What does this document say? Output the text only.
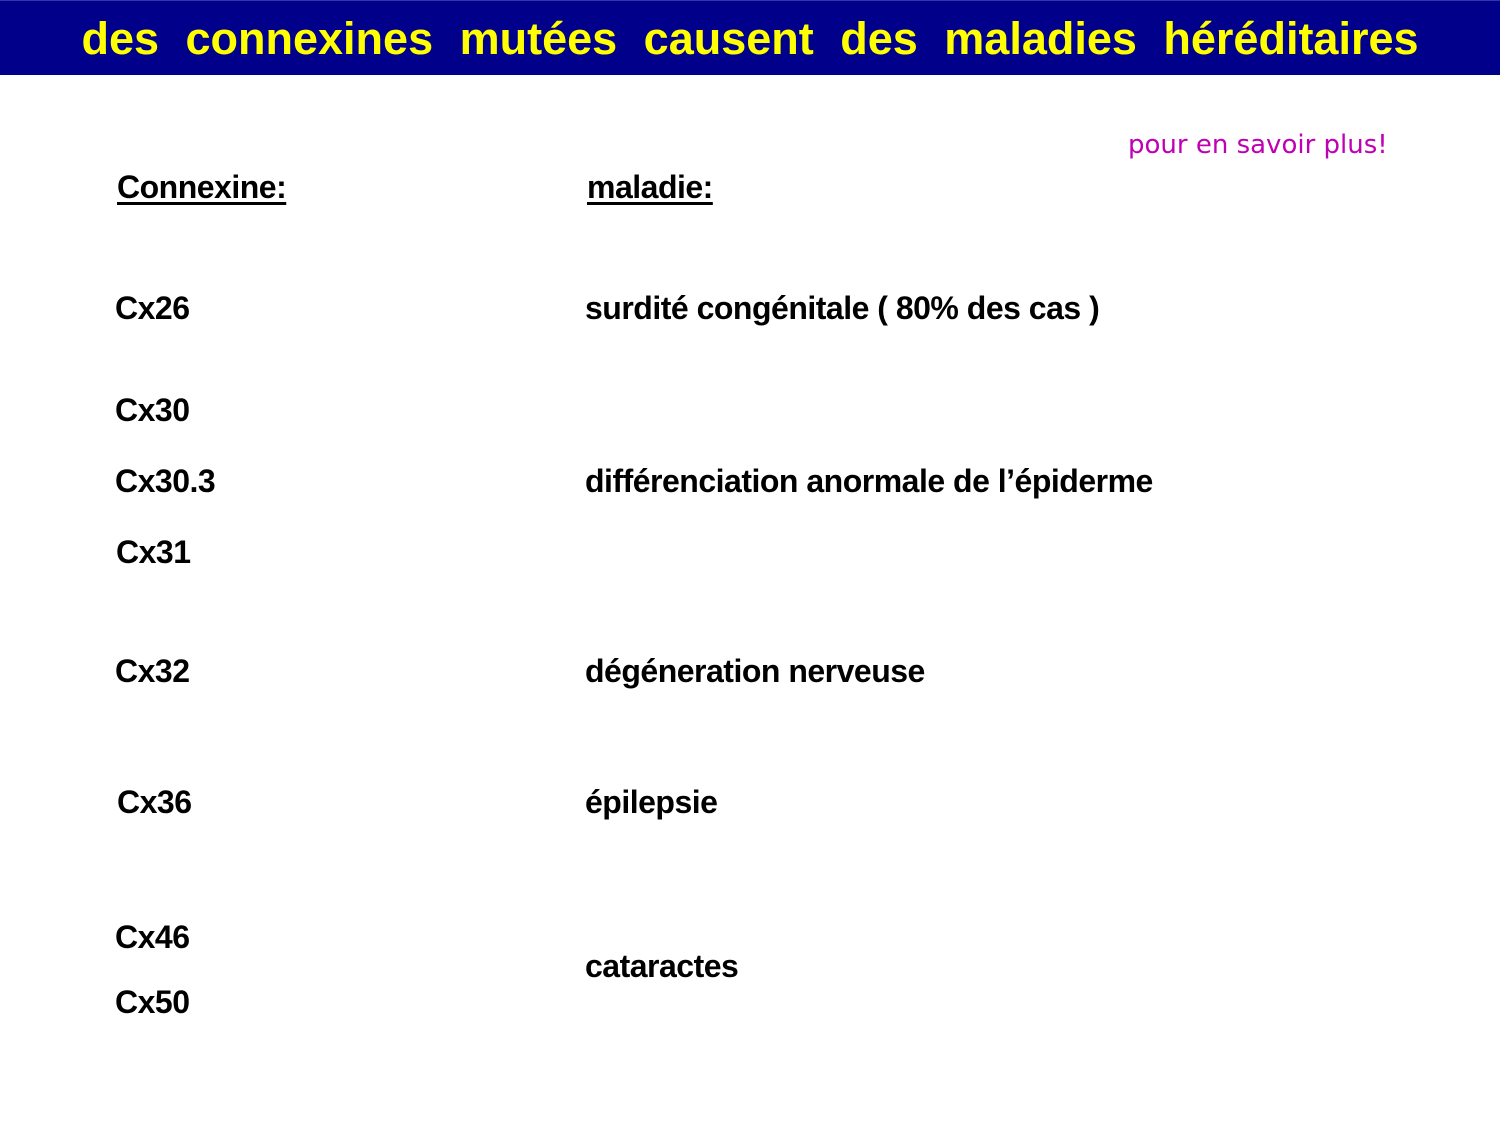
des connexines mutées causent des maladies héréditaires
pour en savoir plus!
Connexine:	maladie:
Cx26
Cx30
Cx30.3
Cx31
Cx32
Cx36
Cx46
Cx50
surdité congénitale ( 80% des cas )
différenciation anormale de l’épiderme
dégéneration nerveuse
épilepsie
cataractes
